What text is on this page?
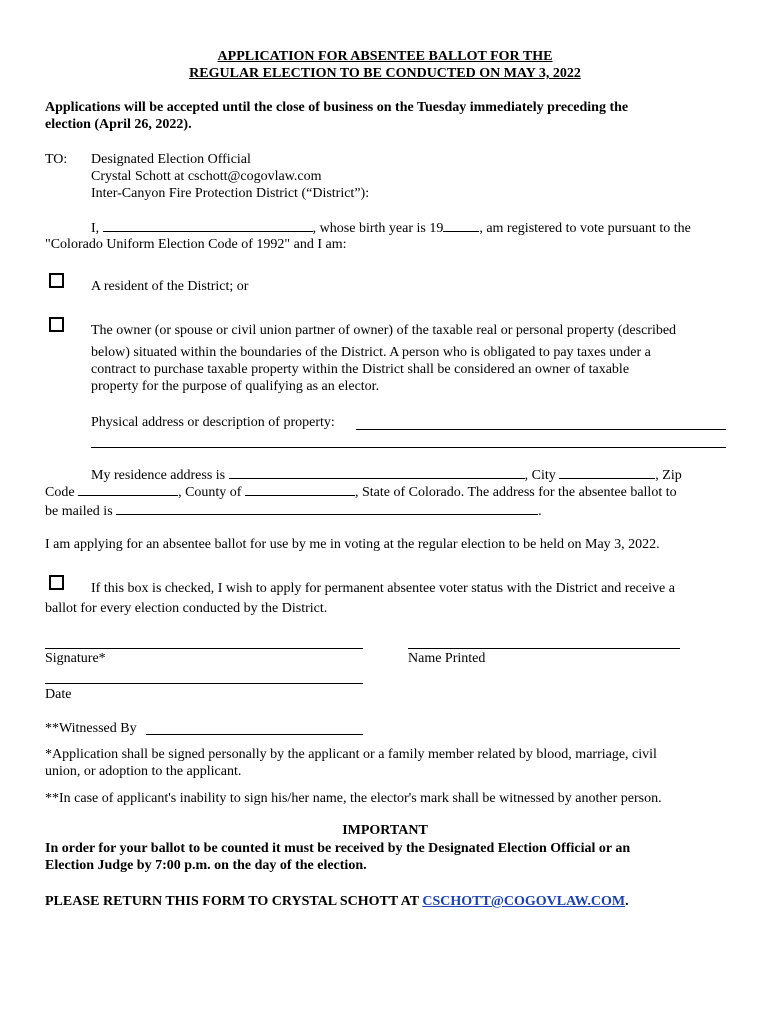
APPLICATION FOR ABSENTEE BALLOT FOR THE
REGULAR ELECTION TO BE CONDUCTED ON MAY 3, 2022
Applications will be accepted until the close of business on the Tuesday immediately preceding the
election (April 26, 2022).
TO: Designated Election Official
Crystal Schott at cschott@cogovlaw.com
Inter-Canyon Fire Protection District (“District”):
I,	, whose birth year is 19	, am registered to vote pursuant to the
"Colorado Uniform Election Code of 1992" and I am:
A resident of the District; or
The owner (or spouse or civil union partner of owner) of the taxable real or personal property (described
below) situated within the boundaries of the District. A person who is obligated to pay taxes under a
contract to purchase taxable property within the District shall be considered an owner of taxable
property for the purpose of qualifying as an elector.
Physical address or description of property:
My residence address is	, City	, Zip
Code	, County of	, State of Colorado. The address for the absentee ballot to
be mailed is	.
I am applying for an absentee ballot for use by me in voting at the regular election to be held on May 3, 2022.
If this box is checked, I wish to apply for permanent absentee voter status with the District and receive a
ballot for every election conducted by the District.
Signature*	Name Printed
Date
**Witnessed By
*Application shall be signed personally by the applicant or a family member related by blood, marriage, civil
union, or adoption to the applicant.
**In case of applicant's inability to sign his/her name, the elector's mark shall be witnessed by another person.
IMPORTANT
In order for your ballot to be counted it must be received by the Designated Election Official or an
Election Judge by 7:00 p.m. on the day of the election.
PLEASE RETURN THIS FORM TO CRYSTAL SCHOTT AT CSCHOTT@COGOVLAW.COM.
